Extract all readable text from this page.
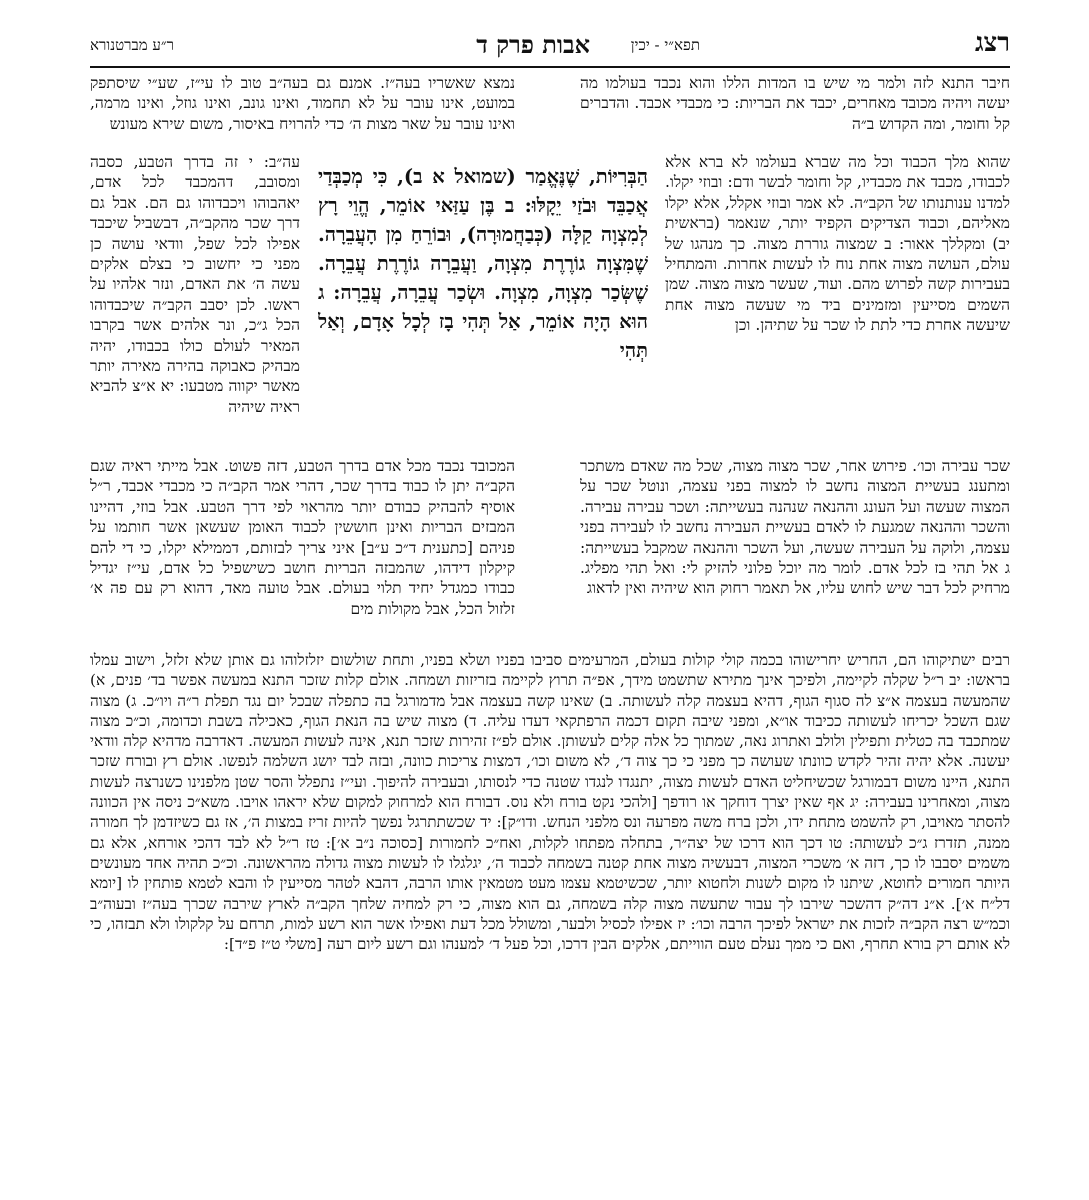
רצג
תפא״י - יכין
אבות פרק ד
ר״ע מברטנורא

חיבר התנא לזה ולמר מי שיש בו המדות הללו והוא נכבד בעולמו מה יעשה ויהיה מכובד מאחרים, יכבד את הבריות: כי מכבדי אכבד. והדברים קל וחומר, ומה הקדוש ב״ה

שהוא מלך הכבוד וכל מה שברא בעולמו לא ברא אלא לכבודו, מכבד את מכבדיו, קל וחומר לבשר ודם: ובוזי יקלו. למדנו ענותנותו של הקב״ה. לא אמר ובוזי אקלל, אלא יקלו מאליהם, וכבוד הצדיקים הקפיד יותר, שנאמר (בראשית יב) ומקללך אאור: ב שמצוה גוררת מצוה. כך מנהגו של עולם, העושה מצוה אחת נוח לו לעשות אחרות. והמתחיל בעבירות קשה לפרוש מהם. ועוד, שעשר מצוה מצוה. שמן השמים מסייעין ומזמינים ביד מי שעשה מצוה אחת שיעשה אחרת כדי לתת לו שכר על שתיהן. וכן

שכר עבירה וכו׳. פירוש אחר, שכר מצוה מצוה, שכל מה שאדם משתכר ומתענג בעשיית המצוה נחשב לו למצוה בפני עצמה, ונוטל שכר על המצוה שעשה ועל העונג וההנאה שנהנה בעשייתה: ושכר עבירה עבירה. והשכר וההנאה שמגעת לו לאדם בעשיית העבירה נחשב לו לעבירה בפני עצמה, ולוקה על העבירה שעשה, ועל השכר וההנאה שמקבל בעשייתה: ג אל תהי בז לכל אדם. לומר מה יוכל פלוני להזיק לי: ואל תהי מפליג. מרחיק לכל דבר שיש לחוש עליו, אל תאמר רחוק הוא שיהיה ואין לדאוג

נמצא שאשריו בעה״ז. אמנם גם בעה״ב טוב לו עי״ז, שע״י שיסתפק במועט, אינו עובר על לא תחמוד, ואינו גונב, ואינו גוזל, ואינו מרמה, ואינו עובר על שאר מצות ה׳ כדי להרויח באיסור, משום שירא מעונש

עה״ב: י זה בדרך הטבע, כסבה ומסובב, דהמכבד לכל אדם, יאהבוהו ויכבדוהו גם הם. אבל גם דרך שכר מהקב״ה, דבשביל שיכבד אפילו לכל שפל, וודאי עושה כן מפני כי יחשוב כי בצלם אלקים עשה ה׳ את האדם, ונזר אלהיו על ראשו. לכן יסבב הקב״ה שיכבדוהו הכל ג״כ, ונר אלהים אשר בקרבו המאיר לעולם כולו בכבודו, יהיה מבהיק כאבוקה בהירה מאירה יותר מאשר יקווה מטבעו: יא א״צ להביא ראיה שיהיה

המכובד נכבד מכל אדם בדרך הטבע, דזה פשוט. אבל מייתי ראיה שגם הקב״ה יתן לו כבוד בדרך שכר, דהרי אמר הקב״ה כי מכבדי אכבד, ר״ל אוסיף להבהיק כבודם יותר מהראוי לפי דרך הטבע. אבל בוזי, דהיינו המבזים הבריות ואינן חוששין לכבוד האומן שעשאן אשר חותמו על פניהם [כתענית ד״כ ע״ב] איני צריך לבזותם, דממילא יקלו, כי די להם קיקלון דידהו, שהמבזה הבריות חושב כשישפיל כל אדם, עי״ז יגדיל כבודו כמגדל יחיד תלוי בעולם. אבל טועה מאד, דהוא רק עם פה א׳ זלזול הכל, אבל מקולות מים

הַבְּרִיּוֹת, שֶׁנֶּאֱמַר (שמואל א ב), כִּי מְכַבְּדַי אֲכַבֵּד וּבֹזַי יֵקָלּוּ: ב בֶּן עַזַּאי אוֹמֵר, הֱוֵי רָץ לְמִצְוָה קַלָּה (כְּבַחֲמוּרָה), וּבוֹרֵחַ מִן הָעֲבֵרָה. שֶׁמִּצְוָה גוֹרֶרֶת מִצְוָה, וַעֲבֵרָה גוֹרֶרֶת עֲבֵרָה. שֶׁשְּׂכַר מִצְוָה, מִצְוָה. וּשְׂכַר עֲבֵרָה, עֲבֵרָה: ג הוּא הָיָה אוֹמֵר, אַל תְּהִי בָז לְכָל אָדָם, וְאַל תְּהִי

רבים ישתיקוהו הם, החריש יחרישוהו בכמה קולי קולות בעולם, המרעימים סביבו בפניו ושלא בפניו, ותחת שולשום יזלזלוהו גם אותן שלא זלזל, וישוב עמלו בראשו: יב ר״ל שקלה לקיימה, ולפיכך אינך מתירא שתשמט מידך, אפ״ה תרוץ לקיימה בזריזות ושמחה. אולם קלות שזכר התנא במעשה אפשר בד׳ פנים, א) שהמעשה בעצמה א״צ לה סגוף הגוף, דהיא בעצמה קלה לעשותה. ב) שאינו קשה בעצמה אבל מדמורגל בה כתפלה שבכל יום נגד תפלת ר״ה ויו״כ. ג) מצוה שגם השכל יכריחו לעשותה ככיבוד או״א, ומפני שיבה תקום דכמה הרפתקאי דעדו עליה. ד) מצוה שיש בה הנאת הגוף, כאכילה בשבת וכדומה, וכ״כ מצוה שמתכבד בה כטלית ותפילין ולולב ואתרוג נאה, שמתוך כל אלה קלים לעשותן. אולם לפ״ז זהירות שזכר תנא, אינה לעשות המעשה. דאדרבה מדהיא קלה וודאי יעשנה. אלא יהיה זהיר לקדש כוונתו שעושה כך מפני כי כך צוה ד׳, לא משום וכו׳, דמצות צריכות כוונה, ובזה לבד יושג השלמה לנפשו. אולם רץ ובורח שזכר התנא, היינו משום דבמורגל שכשיחליט האדם לעשות מצוה, יתנגדו לנגדו שטנה כדי לנסותו, ובעבירה להיפוך. ועי״ז נתפלל והסר שטן מלפנינו כשנרצה לעשות מצוה, ומאחרינו בעבירה: יג אף שאין יצרך דוחקך או רודפך [ולהכי נקט בורח ולא נוס. דבורח הוא למרחוק למקום שלא יראהו אויבו. משא״כ ניסה אין הכוונה להסתר מאויבו, רק להשמט מתחת ידו, ולכן ברח משה מפרעה ונס מלפני הנחש. ודו״ק]: יד שכשתתרגל נפשך להיות זריז במצות ה׳, אז גם כשיזדמן לך חמורה ממנה, תזדרז ג״כ לעשותה: טו דכך הוא דרכו של יצה״ר, בתחלה מפתחו לקלות, ואח״כ לחמורות [כסוכה נ״ב א׳]: טז ר״ל לא לבד דהכי אורחא, אלא גם משמים יסבבו לו כך, דזה א׳ משכרי המצוה, דבעשיה מצוה אחת קטנה בשמחה לכבוד ה׳, יגלגלו לו לעשות מצוה גדולה מהראשונה. וכ״כ תהיה אחד מעונשים היותר חמורים לחוטא, שיתנו לו מקום לשנות ולחטוא יותר, שכשיטמא עצמו מעט מטמאין אותו הרבה, דהבא לטהר מסייעין לו והבא לטמא פותחין לו [יומא דל״ח א׳]. א״נ דה״ק דהשכר שירבו לך עבור שתעשה מצוה קלה בשמחה, גם הוא מצוה, כי רק למחיה שלחך הקב״ה לארץ שירבה שכרך בעה״ז ובעוה״ב וכמ״ש רצה הקב״ה לזכות את ישראל לפיכך הרבה וכו׳: יז אפילו לכסיל ולבער, ומשולל מכל דעת ואפילו אשר הוא רשע למות, תרחם על קלקולו ולא תבזהו, כי לא אותם רק בורא תחרף, ואם כי ממך נעלם טעם הווייתם, אלקים הבין דרכו, וכל פעל ד׳ למענהו וגם רשע ליום רעה [משלי ט״ז פ״ד]:
